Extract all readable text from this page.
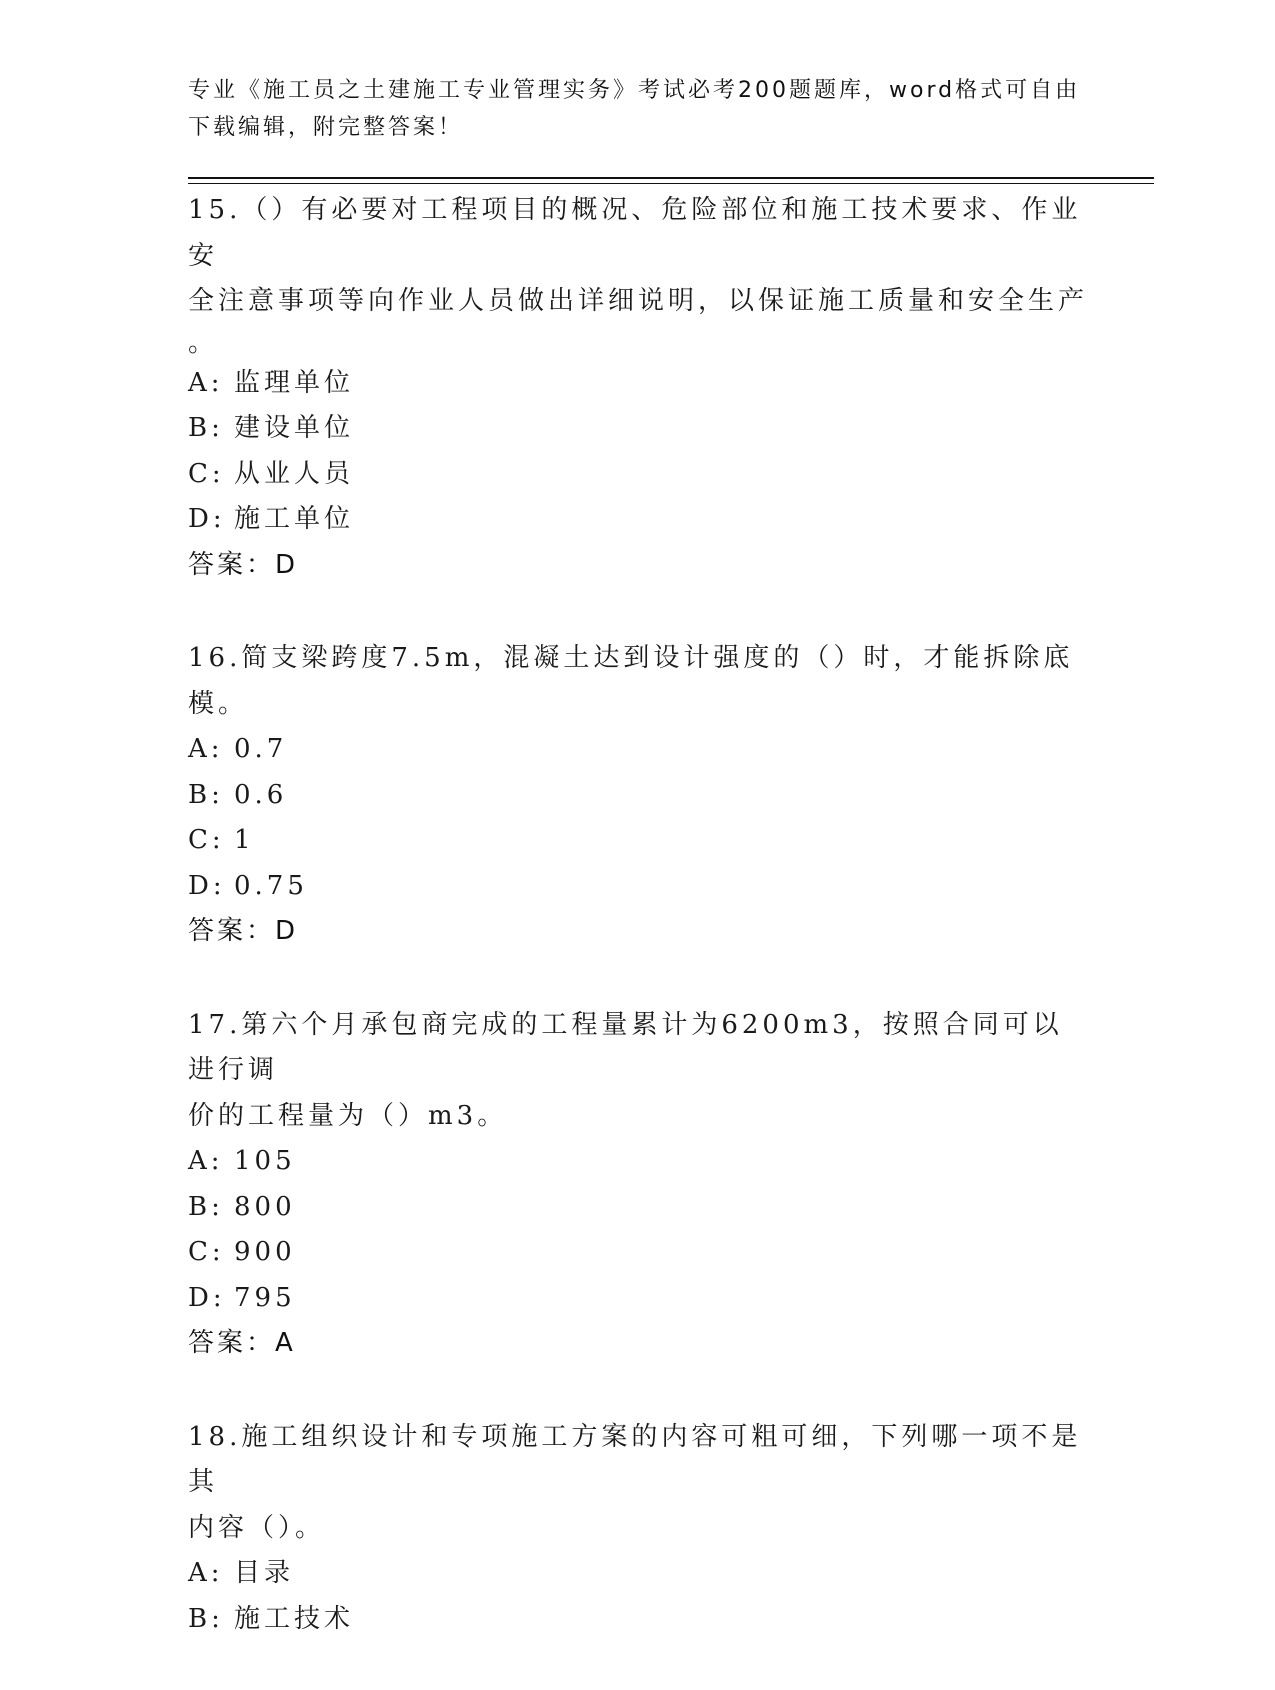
专业《施工员之土建施工专业管理实务》考试必考200题题库，word格式可自由
下载编辑，附完整答案！

15.（）有必要对工程项目的概况、危险部位和施工技术要求、作业安

全注意事项等向作业人员做出详细说明，以保证施工质量和安全生产

。

A: 监理单位
B: 建设单位
C: 从业人员
D: 施工单位
答案：D

16.简支梁跨度7.5m，混凝土达到设计强度的（）时，才能拆除底模。

A: 0.7
B: 0.6
C: 1
D: 0.75
答案：D

17.第六个月承包商完成的工程量累计为6200m3，按照合同可以进行调

价的工程量为（）m3。

A: 105
B: 800
C: 900
D: 795
答案：A

18.施工组织设计和专项施工方案的内容可粗可细，下列哪一项不是其

内容（）。

A: 目录
B: 施工技术
